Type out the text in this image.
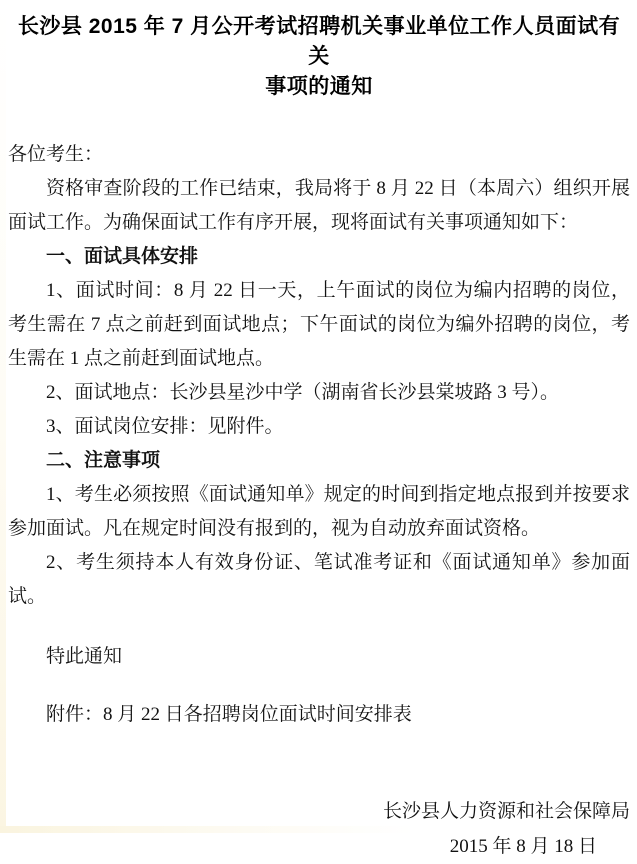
长沙县 2015 年 7 月公开考试招聘机关事业单位工作人员面试有关
事项的通知

各位考生：

资格审查阶段的工作已结束，我局将于 8 月 22 日（本周六）组织开展面试工作。为确保面试工作有序开展，现将面试有关事项通知如下：

一、面试具体安排

1、面试时间：8 月 22 日一天，上午面试的岗位为编内招聘的岗位，考生需在 7 点之前赶到面试地点；下午面试的岗位为编外招聘的岗位，考生需在 1 点之前赶到面试地点。

2、面试地点：长沙县星沙中学（湖南省长沙县棠坡路 3 号）。

3、面试岗位安排：见附件。

二、注意事项

1、考生必须按照《面试通知单》规定的时间到指定地点报到并按要求参加面试。凡在规定时间没有报到的，视为自动放弃面试资格。

2、考生须持本人有效身份证、笔试准考证和《面试通知单》参加面试。

特此通知

附件：8 月 22 日各招聘岗位面试时间安排表

长沙县人力资源和社会保障局

2015 年 8 月 18 日
